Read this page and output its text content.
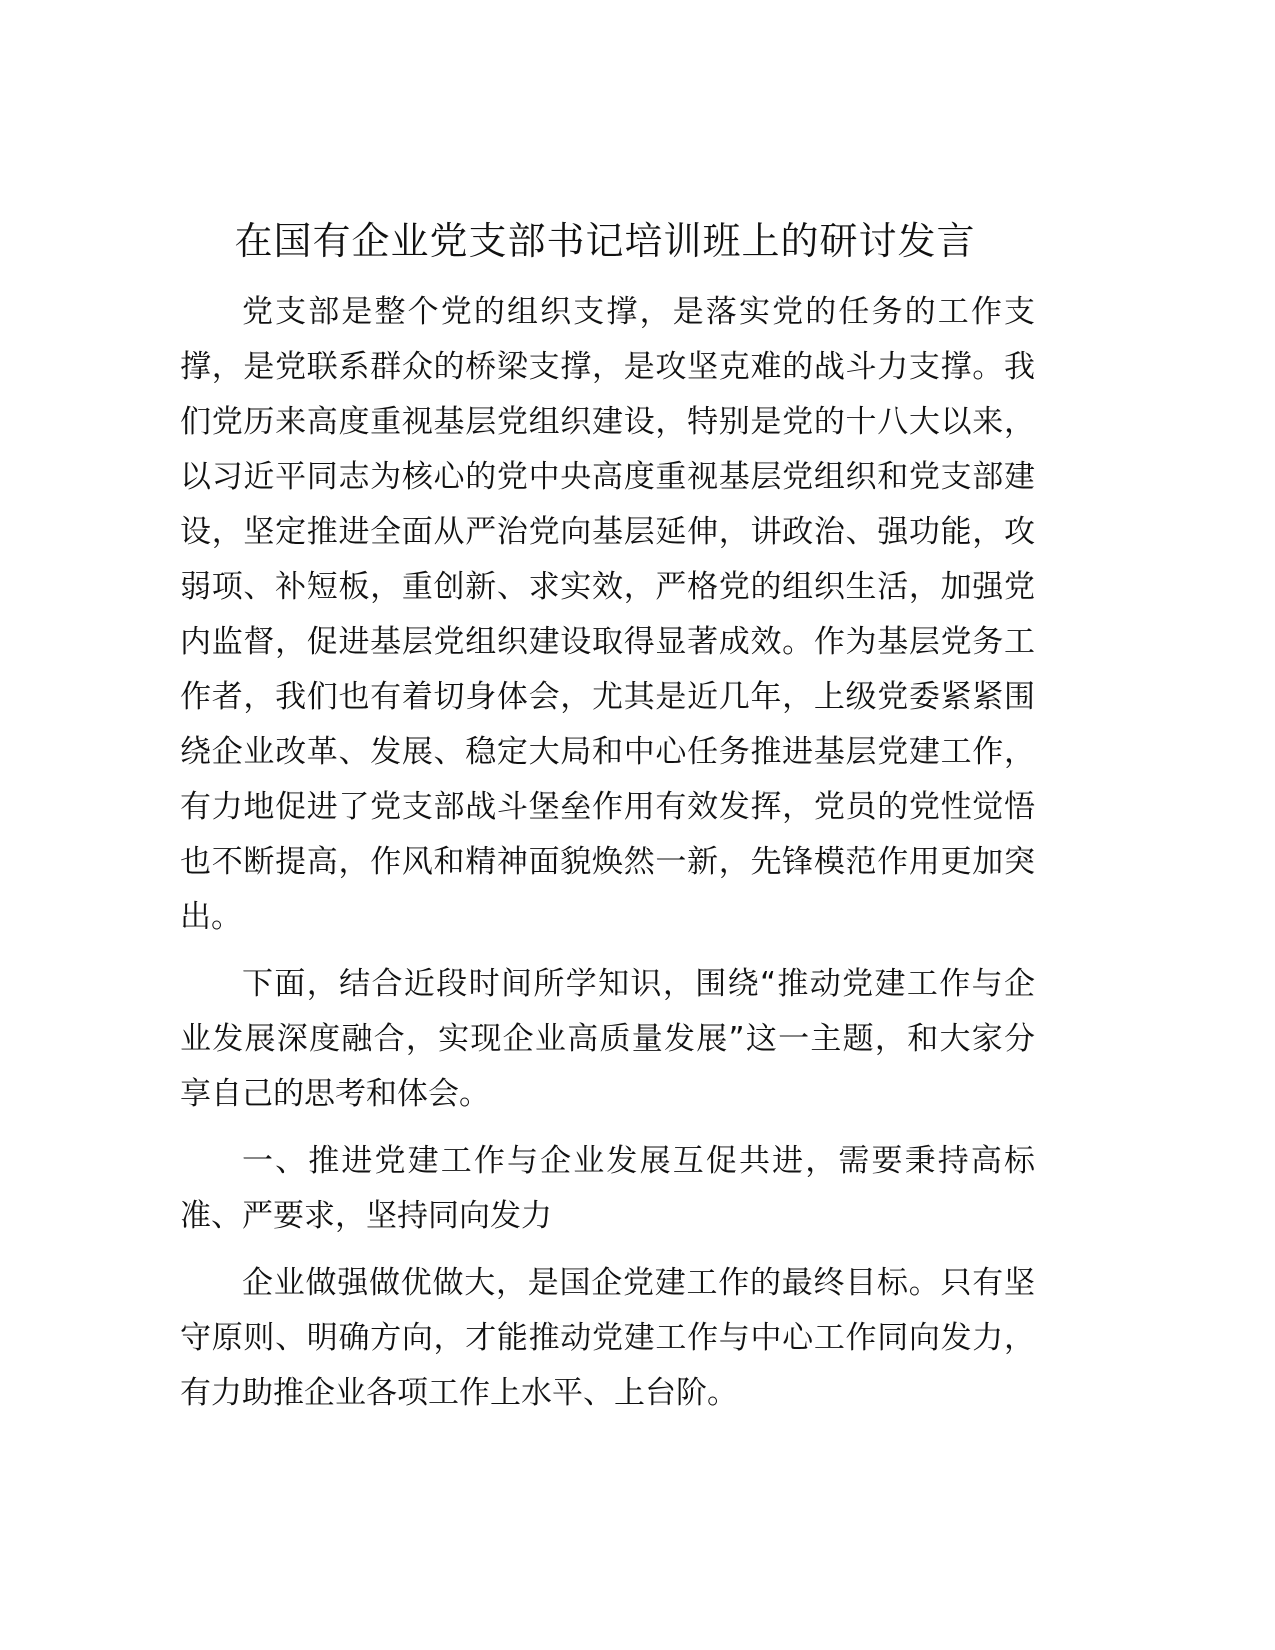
在国有企业党支部书记培训班上的研讨发言
党支部是整个党的组织支撑，是落实党的任务的工作支
撑，是党联系群众的桥梁支撑，是攻坚克难的战斗力支撑。我
们党历来高度重视基层党组织建设，特别是党的十八大以来，
以习近平同志为核心的党中央高度重视基层党组织和党支部建
设，坚定推进全面从严治党向基层延伸，讲政治、强功能，攻
弱项、补短板，重创新、求实效，严格党的组织生活，加强党
内监督，促进基层党组织建设取得显著成效。作为基层党务工
作者，我们也有着切身体会，尤其是近几年，上级党委紧紧围
绕企业改革、发展、稳定大局和中心任务推进基层党建工作，
有力地促进了党支部战斗堡垒作用有效发挥，党员的党性觉悟
也不断提高，作风和精神面貌焕然一新，先锋模范作用更加突
出。
下面，结合近段时间所学知识，围绕“推动党建工作与企
业发展深度融合，实现企业高质量发展”这一主题，和大家分
享自己的思考和体会。
一、推进党建工作与企业发展互促共进，需要秉持高标
准、严要求，坚持同向发力
企业做强做优做大，是国企党建工作的最终目标。只有坚
守原则、明确方向，才能推动党建工作与中心工作同向发力，
有力助推企业各项工作上水平、上台阶。
